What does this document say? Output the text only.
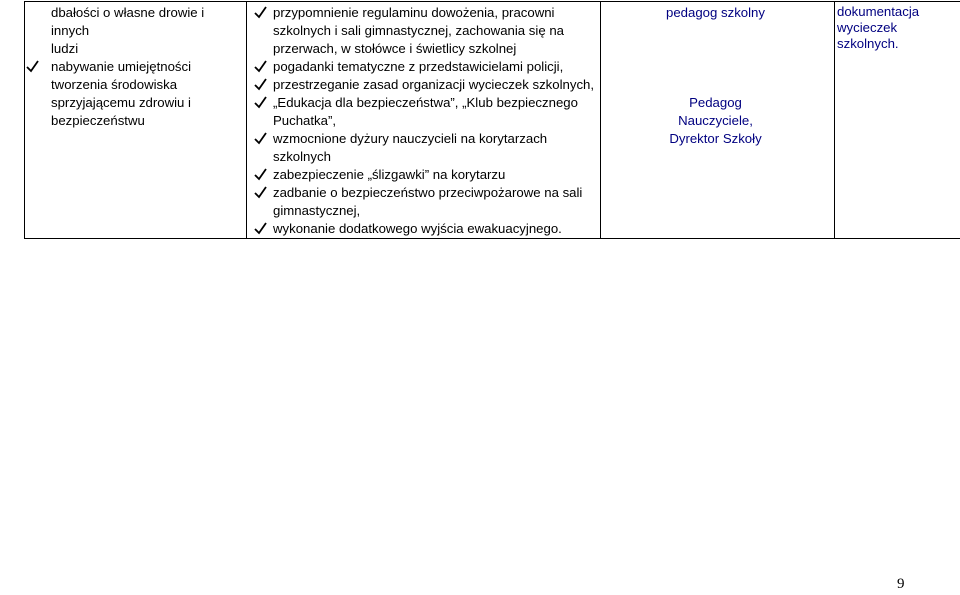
dbałości o własne drowie i innych
ludzi
nabywanie umiejętności tworzenia środowiska sprzyjającemu zdrowiu i bezpieczeństwu

przypomnienie regulaminu dowożenia, pracowni szkolnych i sali gimnastycznej, zachowania się na przerwach, w stołówce i świetlicy szkolnej
pogadanki tematyczne z przedstawicielami policji,
przestrzeganie zasad organizacji wycieczek szkolnych,
„Edukacja dla bezpieczeństwa”, „Klub bezpiecznego Puchatka”,
wzmocnione dyżury nauczycieli na korytarzach szkolnych
zabezpieczenie „ślizgawki” na korytarzu
zadbanie o bezpieczeństwo przeciwpożarowe na sali gimnastycznej,
wykonanie dodatkowego wyjścia ewakuacyjnego.

pedagog szkolny
Pedagog
Nauczyciele,
Dyrektor Szkoły

dokumentacja
wycieczek
szkolnych.
9
